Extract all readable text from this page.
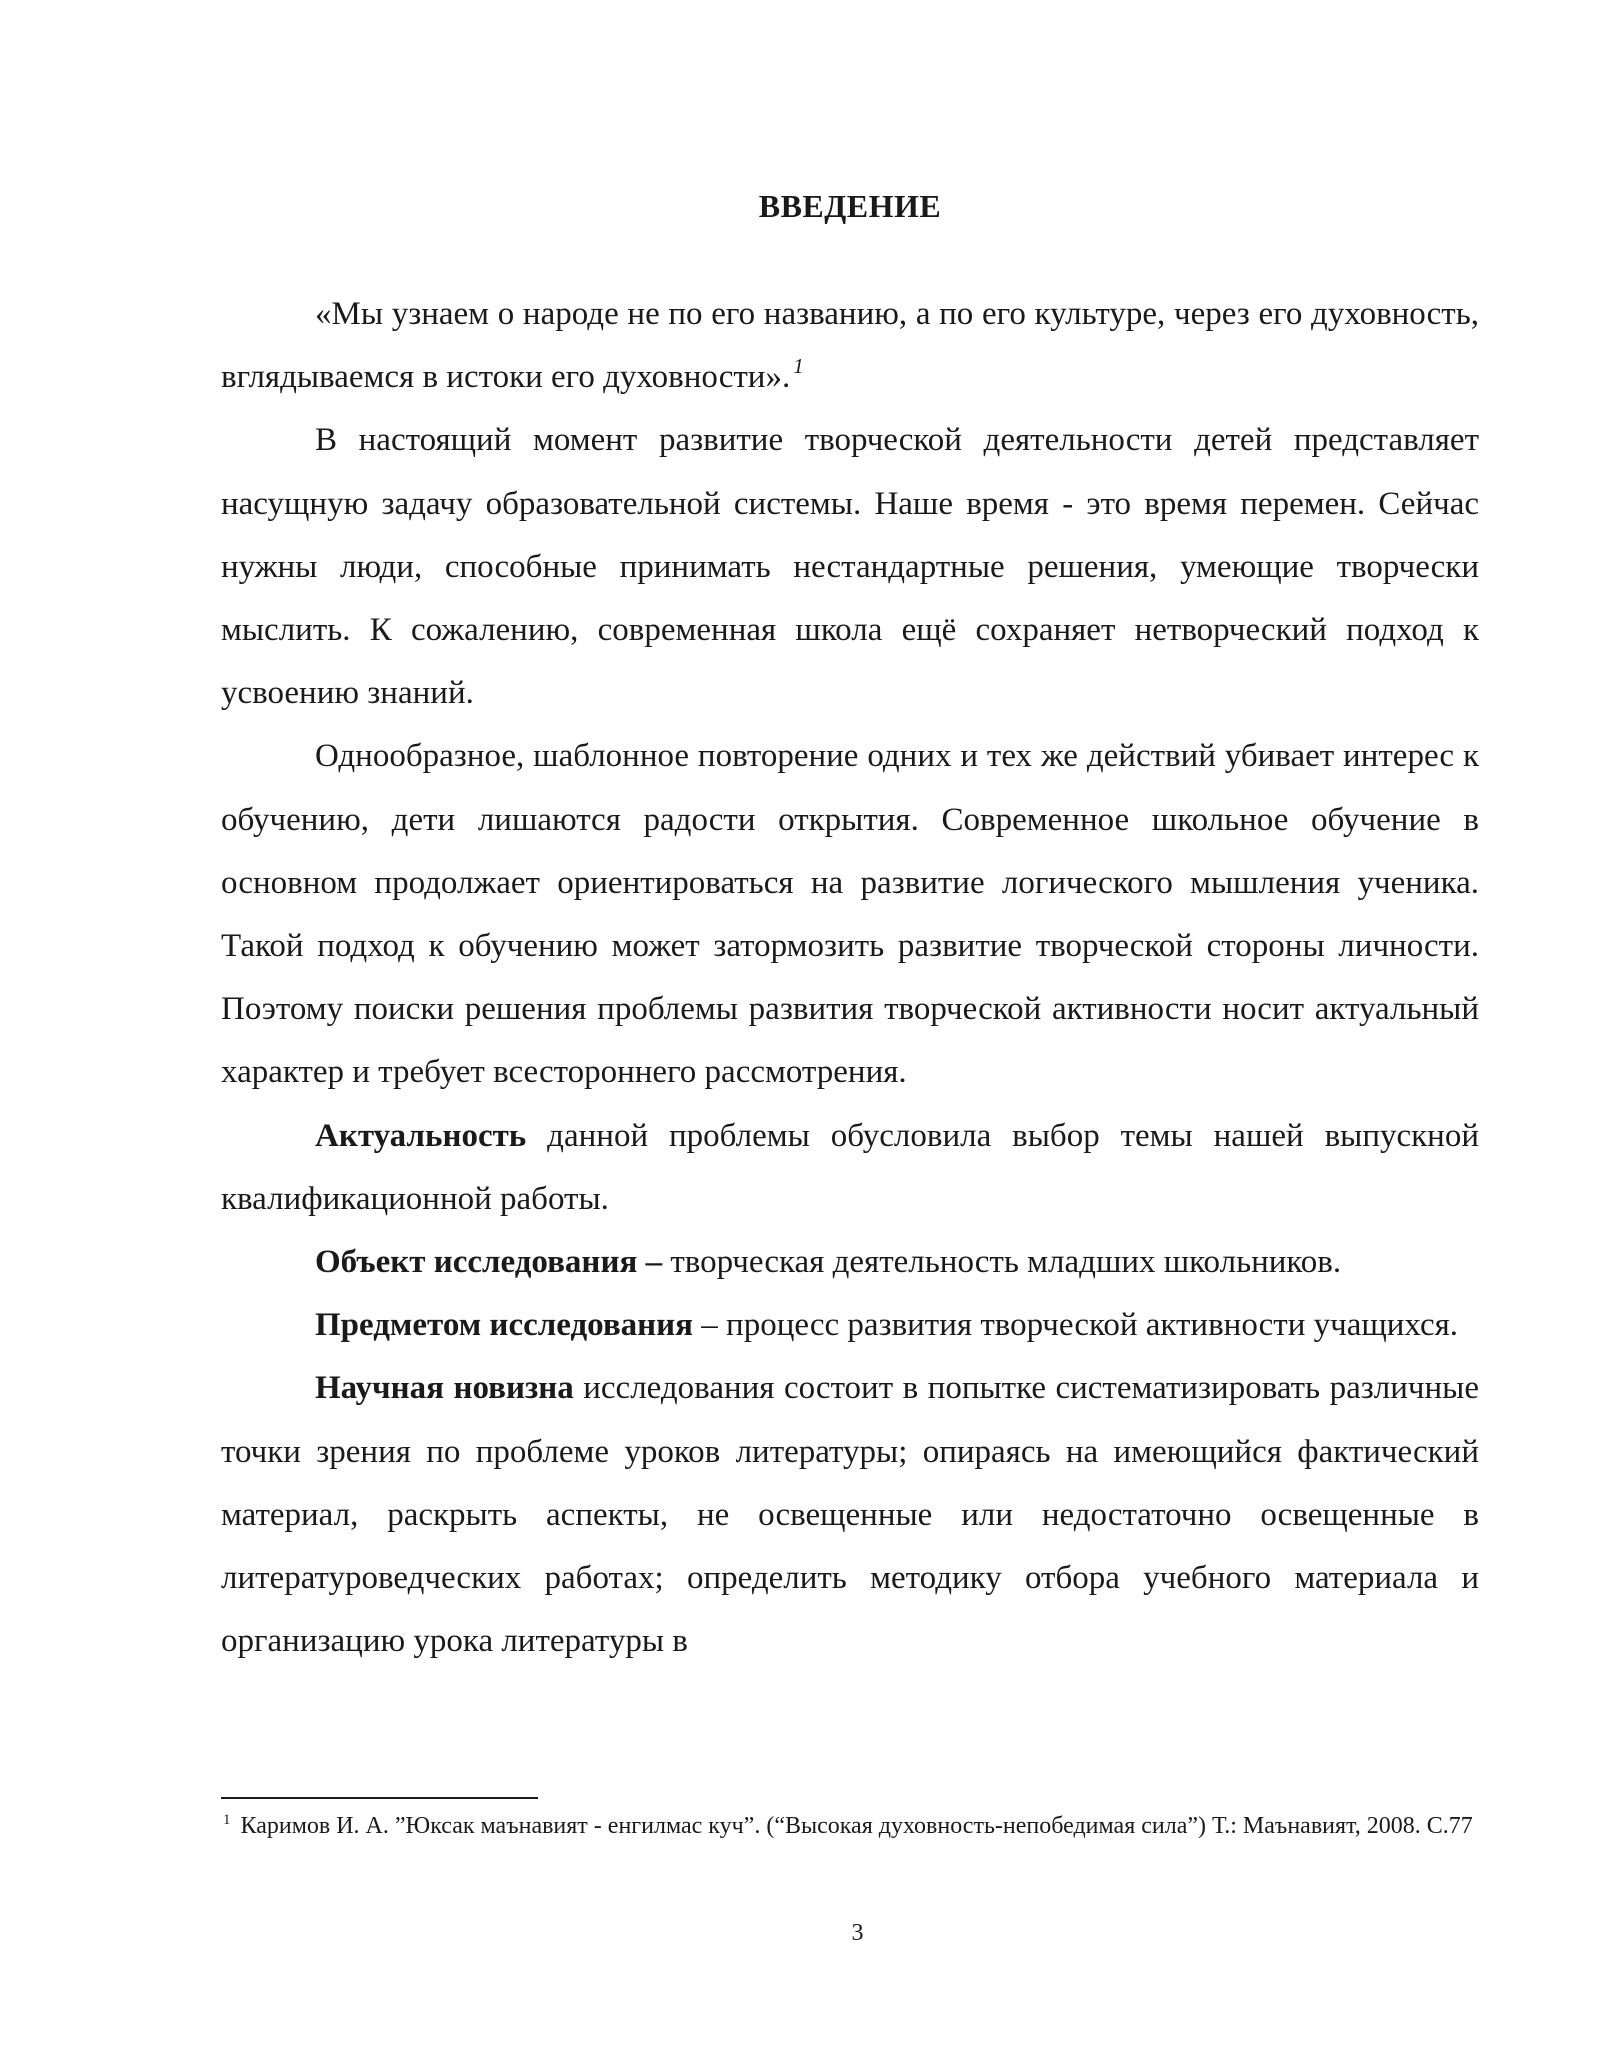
ВВЕДЕНИЕ

«Мы узнаем о народе не по его названию, а по его культуре, через его духовность, вглядываемся в истоки его духовности». $^1$

В настоящий момент развитие творческой деятельности детей представляет насущную задачу образовательной системы. Наше время - это время перемен. Сейчас нужны люди, способные принимать нестандартные решения, умеющие творчески мыслить. К сожалению, современная школа ещё сохраняет нетворческий подход к усвоению знаний.

Однообразное, шаблонное повторение одних и тех же действий убивает интерес к обучению, дети лишаются радости открытия. Современное школьное обучение в основном продолжает ориентироваться на развитие логического мышления ученика. Такой подход к обучению может затормозить развитие творческой стороны личности. Поэтому поиски решения проблемы развития творческой активности носит актуальный характер и требует всестороннего рассмотрения.

Актуальность данной проблемы обусловила выбор темы нашей выпускной квалификационной работы.

Объект исследования – творческая деятельность младших школьников.

Предметом исследования – процесс развития творческой активности учащихся.

Научная новизна исследования состоит в попытке систематизировать различные точки зрения по проблеме уроков литературы; опираясь на имеющийся фактический материал, раскрыть аспекты, не освещенные или недостаточно освещенные в литературоведческих работах; определить методику отбора учебного материала и организацию урока литературы в

$^1$ Каримов И. А. ”Юксак маънавият - енгилмас куч”. (“Высокая духовность-непобедимая сила”) Т.: Маънавият, 2008. С.77

3
